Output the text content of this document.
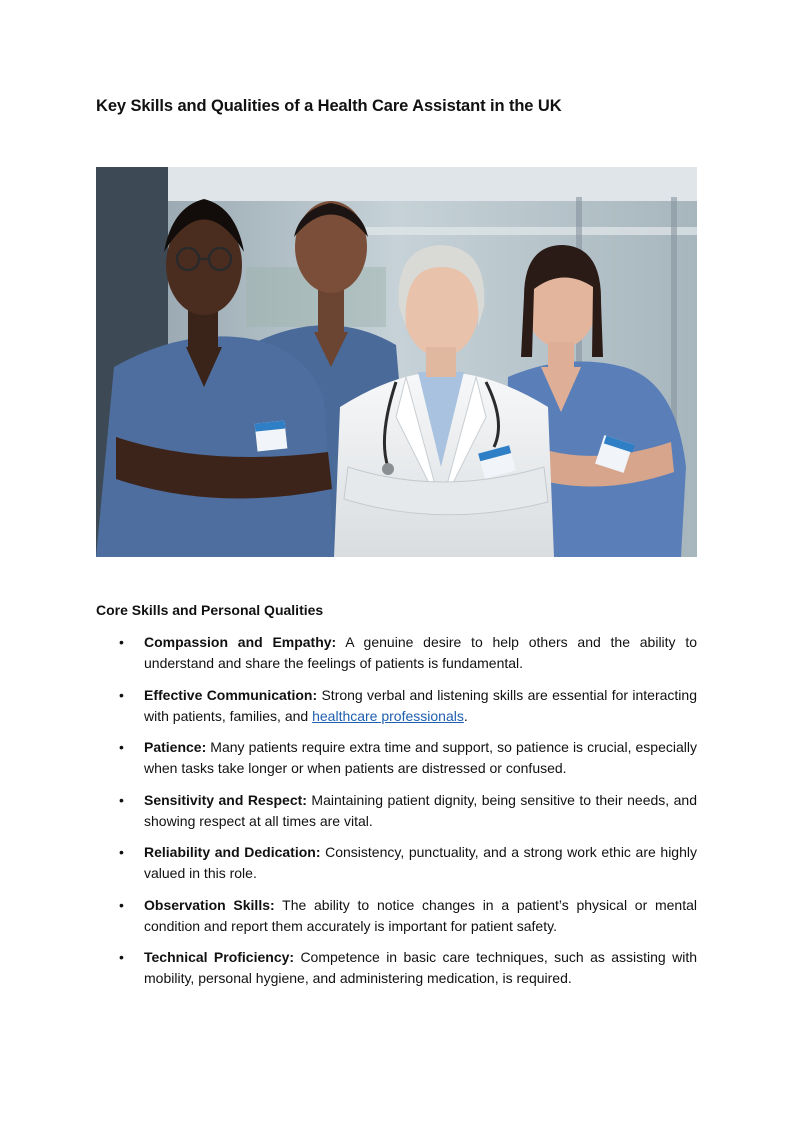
Key Skills and Qualities of a Health Care Assistant in the UK
Core Skills and Personal Qualities
• Compassion and Empathy: A genuine desire to help others and the ability to understand and share the feelings of patients is fundamental.
• Effective Communication: Strong verbal and listening skills are essential for interacting with patients, families, and healthcare professionals.
• Patience: Many patients require extra time and support, so patience is crucial, especially when tasks take longer or when patients are distressed or confused.
• Sensitivity and Respect: Maintaining patient dignity, being sensitive to their needs, and showing respect at all times are vital.
• Reliability and Dedication: Consistency, punctuality, and a strong work ethic are highly valued in this role.
• Observation Skills: The ability to notice changes in a patient’s physical or mental condition and report them accurately is important for patient safety.
• Technical Proficiency: Competence in basic care techniques, such as assisting with mobility, personal hygiene, and administering medication, is required.
